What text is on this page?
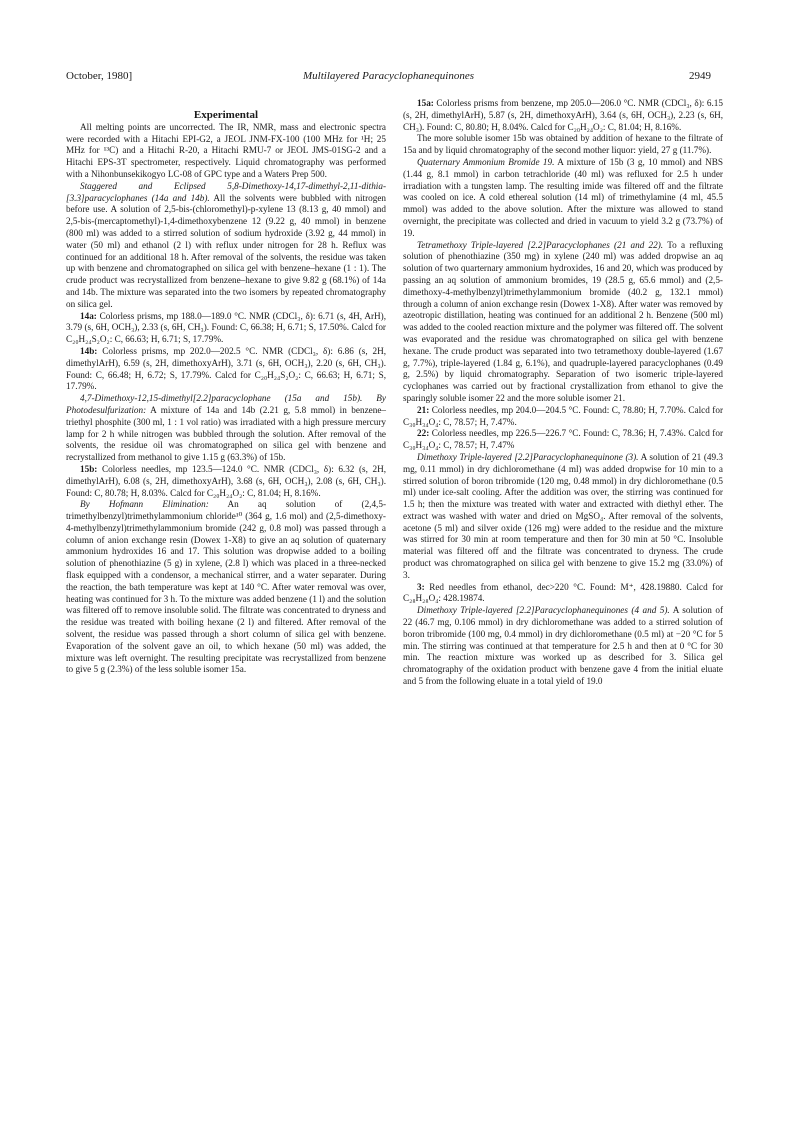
October, 1980]	Multilayered Paracyclophanequinones	2949

Experimental

All melting points are uncorrected. The IR, NMR, mass and electronic spectra were recorded with a Hitachi EPI-G2, a JEOL JNM-FX-100 (100 MHz for ¹H; 25 MHz for ¹³C) and a Hitachi R-20, a Hitachi RMU-7 or JEOL JMS-01SG-2 and a Hitachi EPS-3T spectrometer, respectively. Liquid chromatography was performed with a Nihonbunsekikogyo LC-08 of GPC type and a Waters Prep 500.

Staggered and Eclipsed 5,8-Dimethoxy-14,17-dimethyl-2,11-dithia-[3.3]paracyclophanes (14a and 14b). All the solvents were bubbled with nitrogen before use. A solution of 2,5-bis-(chloromethyl)-p-xylene 13 (8.13 g, 40 mmol) and 2,5-bis-(mercaptomethyl)-1,4-dimethoxybenzene 12 (9.22 g, 40 mmol) in benzene (800 ml) was added to a stirred solution of sodium hydroxide (3.92 g, 44 mmol) in water (50 ml) and ethanol (2 l) with reflux under nitrogen for 28 h. Reflux was continued for an additional 18 h. After removal of the solvents, the residue was taken up with benzene and chromatographed on silica gel with benzene–hexane (1 : 1). The crude product was recrystallized from benzene–hexane to give 9.82 g (68.1%) of 14a and 14b. The mixture was separated into the two isomers by repeated chromatography on silica gel.

14a: Colorless prisms, mp 188.0—189.0 °C. NMR (CDCl₃, δ): 6.71 (s, 4H, ArH), 3.79 (s, 6H, OCH₃), 2.33 (s, 6H, CH₃). Found: C, 66.38; H, 6.71; S, 17.50%. Calcd for C₂₀H₂₄S₂O₂: C, 66.63; H, 6.71; S, 17.79%.

14b: Colorless prisms, mp 202.0—202.5 °C. NMR (CDCl₃, δ): 6.86 (s, 2H, dimethylArH), 6.59 (s, 2H, dimethoxyArH), 3.71 (s, 6H, OCH₃), 2.20 (s, 6H, CH₃). Found: C, 66.48; H, 6.72; S, 17.79%. Calcd for C₂₀H₂₄S₂O₂: C, 66.63; H, 6.71; S, 17.79%.

4,7-Dimethoxy-12,15-dimethyl[2.2]paracyclophane (15a and 15b). By Photodesulfurization: A mixture of 14a and 14b (2.21 g, 5.8 mmol) in benzene–triethyl phosphite (300 ml, 1 : 1 vol ratio) was irradiated with a high pressure mercury lamp for 2 h while nitrogen was bubbled through the solution. After removal of the solvents, the residue oil was chromatographed on silica gel with benzene and recrystallized from methanol to give 1.15 g (63.3%) of 15b.

15b: Colorless needles, mp 123.5—124.0 °C. NMR (CDCl₃, δ): 6.32 (s, 2H, dimethylArH), 6.08 (s, 2H, dimethoxyArH), 3.68 (s, 6H, OCH₃), 2.08 (s, 6H, CH₃). Found: C, 80.78; H, 8.03%. Calcd for C₂₀H₂₄O₂: C, 81.04; H, 8.16%.

By Hofmann Elimination: An aq solution of (2,4,5-trimethylbenzyl)trimethylammonium chloride¹⁰ (364 g, 1.6 mol) and (2,5-dimethoxy-4-methylbenzyl)trimethylammonium bromide (242 g, 0.8 mol) was passed through a column of anion exchange resin (Dowex 1-X8) to give an aq solution of quaternary ammonium hydroxides 16 and 17. This solution was dropwise added to a boiling solution of phenothiazine (5 g) in xylene, (2.8 l) which was placed in a three-necked flask equipped with a condensor, a mechanical stirrer, and a water separater. During the reaction, the bath temperature was kept at 140 °C. After water removal was over, heating was continued for 3 h. To the mixture was added benzene (1 l) and the solution was filtered off to remove insoluble solid. The filtrate was concentrated to dryness and the residue was treated with boiling hexane (2 l) and filtered. After removal of the solvent, the residue was passed through a short column of silica gel with benzene. Evaporation of the solvent gave an oil, to which hexane (50 ml) was added, the mixture was left overnight. The resulting precipitate was recrystallized from benzene to give 5 g (2.3%) of the less soluble isomer 15a.

15a: Colorless prisms from benzene, mp 205.0—206.0 °C. NMR (CDCl₃, δ): 6.15 (s, 2H, dimethylArH), 5.87 (s, 2H, dimethoxyArH), 3.64 (s, 6H, OCH₃), 2.23 (s, 6H, CH₃). Found: C, 80.80; H, 8.04%. Calcd for C₂₀H₂₄O₂: C, 81.04; H, 8.16%.

The more soluble isomer 15b was obtained by addition of hexane to the filtrate of 15a and by liquid chromatography of the second mother liquor: yield, 27 g (11.7%).

Quaternary Ammonium Bromide 19. A mixture of 15b (3 g, 10 mmol) and NBS (1.44 g, 8.1 mmol) in carbon tetrachloride (40 ml) was refluxed for 2.5 h under irradiation with a tungsten lamp. The resulting imide was filtered off and the filtrate was cooled on ice. A cold ethereal solution (14 ml) of trimethylamine (4 ml, 45.5 mmol) was added to the above solution. After the mixture was allowed to stand overnight, the precipitate was collected and dried in vacuum to yield 3.2 g (73.7%) of 19.

Tetramethoxy Triple-layered [2.2]Paracyclophanes (21 and 22). To a refluxing solution of phenothiazine (350 mg) in xylene (240 ml) was added dropwise an aq solution of two quarternary ammonium hydroxides, 16 and 20, which was produced by passing an aq solution of ammonium bromides, 19 (28.5 g, 65.6 mmol) and (2,5-dimethoxy-4-methylbenzyl)trimethylammonium bromide (40.2 g, 132.1 mmol) through a column of anion exchange resin (Dowex 1-X8). After water was removed by azeotropic distillation, heating was continued for an additional 2 h. Benzene (500 ml) was added to the cooled reaction mixture and the polymer was filtered off. The solvent was evaporated and the residue was chromatographed on silica gel with benzene hexane. The crude product was separated into two tetramethoxy double-layered (1.67 g, 7.7%), triple-layered (1.84 g, 6.1%), and quadruple-layered paracyclophanes (0.49 g, 2.5%) by liquid chromatography. Separation of two isomeric triple-layered cyclophanes was carried out by fractional crystallization from ethanol to give the sparingly soluble isomer 22 and the more soluble isomer 21.

21: Colorless needles, mp 204.0—204.5 °C. Found: C, 78.80; H, 7.70%. Calcd for C₃₀H₃₄O₄: C, 78.57; H, 7.47%.

22: Colorless needles, mp 226.5—226.7 °C. Found: C, 78.36; H, 7.43%. Calcd for C₃₀H₃₄O₄: C, 78.57; H, 7.47%

Dimethoxy Triple-layered [2.2]Paracyclophanequinone (3). A solution of 21 (49.3 mg, 0.11 mmol) in dry dichloromethane (4 ml) was added dropwise for 10 min to a stirred solution of boron tribromide (120 mg, 0.48 mmol) in dry dichloromethane (0.5 ml) under ice-salt cooling. After the addition was over, the stirring was continued for 1.5 h; then the mixture was treated with water and extracted with diethyl ether. The extract was washed with water and dried on MgSO₄. After removal of the solvents, acetone (5 ml) and silver oxide (126 mg) were added to the residue and the mixture was stirred for 30 min at room temperature and then for 30 min at 50 °C. Insoluble material was filtered off and the filtrate was concentrated to dryness. The crude product was chromatographed on silica gel with benzene to give 15.2 mg (33.0%) of 3.

3: Red needles from ethanol, dec>220 °C. Found: M⁺, 428.19880. Calcd for C₂₈H₂₈O₄: 428.19874.

Dimethoxy Triple-layered [2.2]Paracyclophanequinones (4 and 5). A solution of 22 (46.7 mg, 0.106 mmol) in dry dichloromethane was added to a stirred solution of boron tribromide (100 mg, 0.4 mmol) in dry dichloromethane (0.5 ml) at −20 °C for 5 min. The stirring was continued at that temperature for 2.5 h and then at 0 °C for 30 min. The reaction mixture was worked up as described for 3. Silica gel chromatography of the oxidation product with benzene gave 4 from the initial eluate and 5 from the following eluate in a total yield of 19.0
